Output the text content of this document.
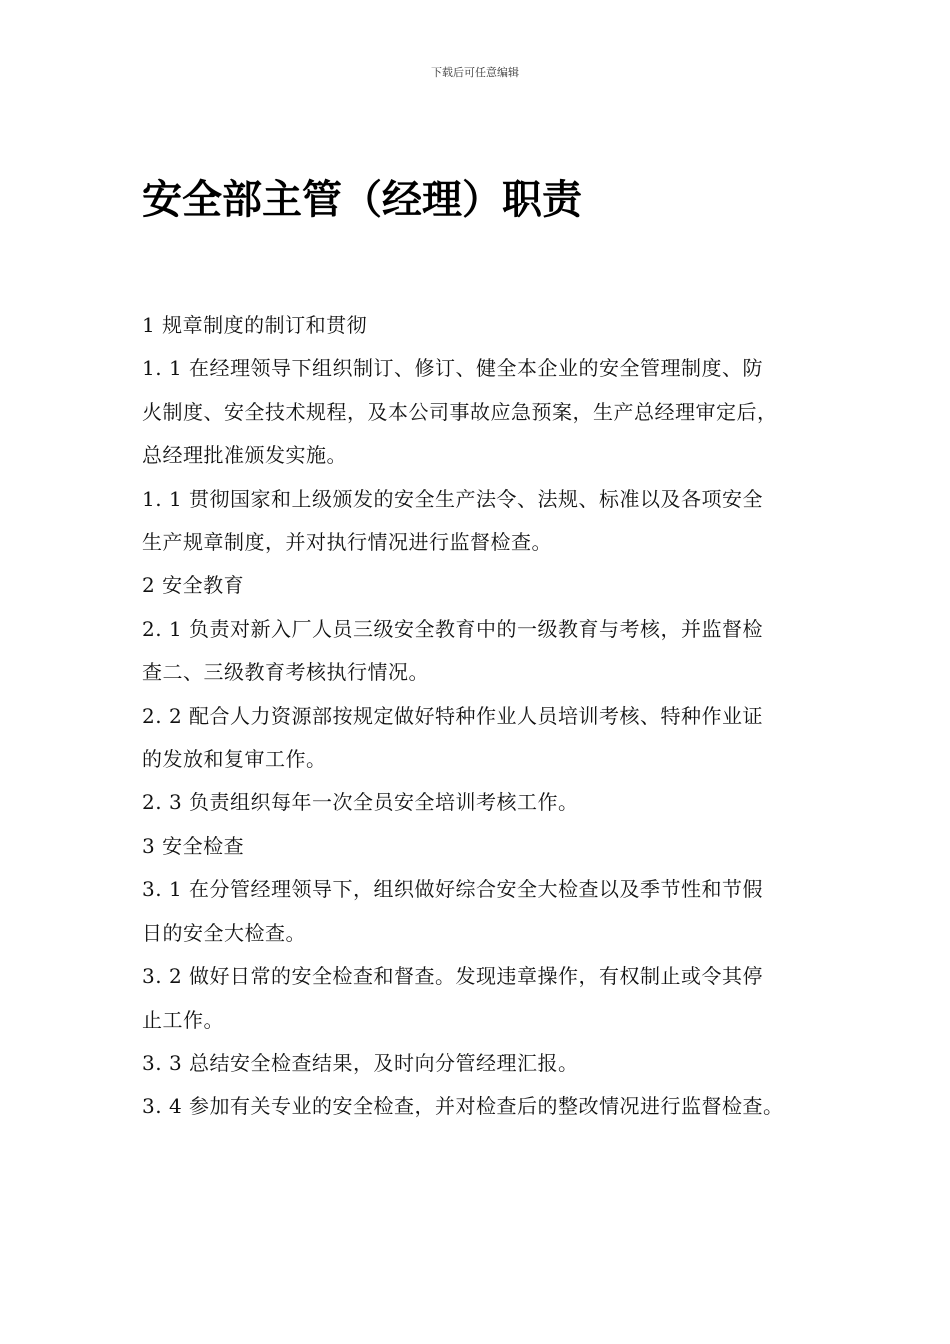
下载后可任意编辑
安全部主管（经理）职责

1 规章制度的制订和贯彻

1. 1 在经理领导下组织制订、修订、健全本企业的安全管理制度、防
火制度、安全技术规程，及本公司事故应急预案，生产总经理审定后，
总经理批准颁发实施。

1. 1 贯彻国家和上级颁发的安全生产法令、法规、标准以及各项安全
生产规章制度，并对执行情况进行监督检查。

2 安全教育

2. 1 负责对新入厂人员三级安全教育中的一级教育与考核，并监督检
查二、三级教育考核执行情况。

2. 2 配合人力资源部按规定做好特种作业人员培训考核、特种作业证
的发放和复审工作。

2. 3 负责组织每年一次全员安全培训考核工作。

3 安全检查

3. 1 在分管经理领导下，组织做好综合安全大检查以及季节性和节假
日的安全大检查。

3. 2 做好日常的安全检查和督查。发现违章操作，有权制止或令其停
止工作。

3. 3 总结安全检查结果，及时向分管经理汇报。

3. 4 参加有关专业的安全检查，并对检查后的整改情况进行监督检查。
